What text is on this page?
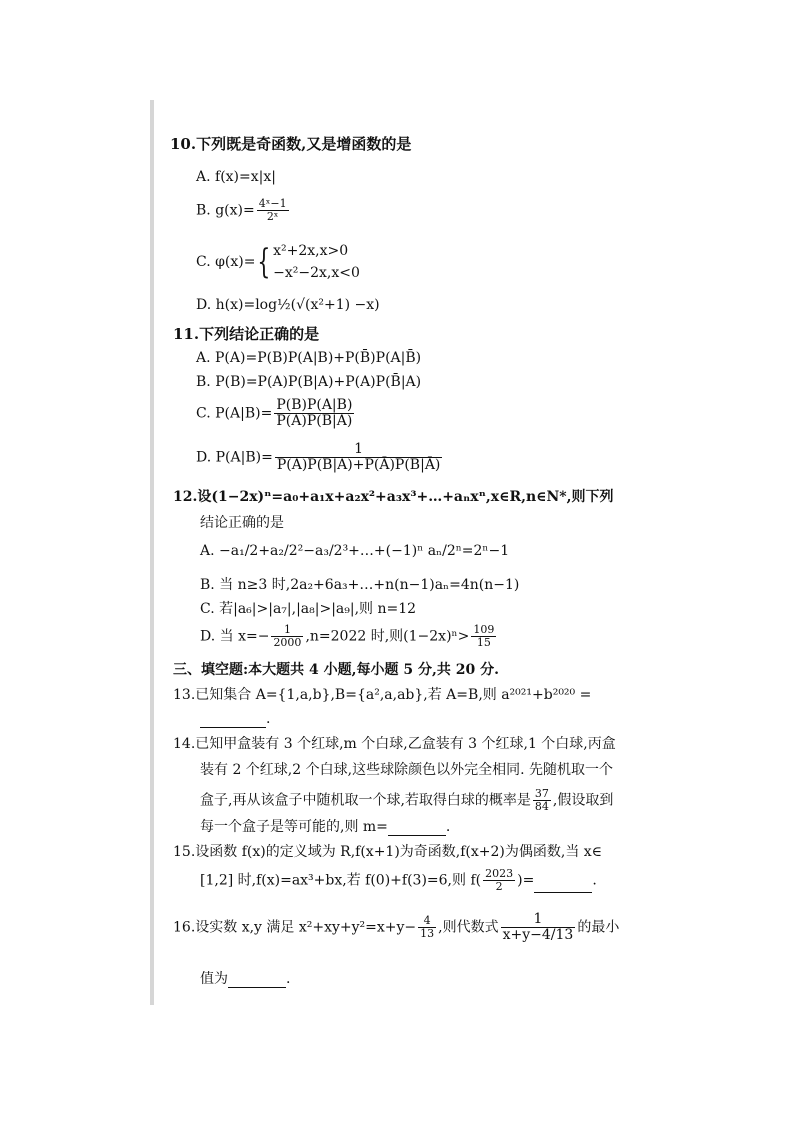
10.下列既是奇函数,又是增函数的是
A. f(x)=x|x|
B. $g(x)= \frac{\text{4ˣ−1}}{\text{2ˣ}}$
C. φ(x)={ x²+2x,x>0
−x²−2x,x<0
D. h(x)=log½(√(x²+1) −x)
11.下列结论正确的是
A. P(A)=P(B)P(A|B)+P(B̄)P(A|B̄)
B. P(B)=P(A)P(B|A)+P(A)P(B̄|A)
C. $P(A|B)= \frac{P(B)P(A|B)}{P(A)P(B|A)}$
D. $P(A|B)= \frac{1}{P(A)P(B|A)+P(Ā)P(B|Ā)}$
12.设(1−2x)ⁿ=a₀+a₁x+a₂x²+a₃x³+…+aₙxⁿ,x∈R,n∈N*,则下列
结论正确的是
A. −a₁/2+a₂/2²−a₃/2³+…+(−1)ⁿ aₙ/2ⁿ=2ⁿ−1
B. 当 n≥3 时,2a₂+6a₃+…+n(n−1)aₙ=4n(n−1)
C. 若|a₆|>|a₇|,|a₈|>|a₉|,则 n=12
D. 当 $x=- \frac{1}{2000} ,n=2022$ 时,则$(1-2x)^n> \frac{109}{15}$
三、填空题:本大题共 4 小题,每小题 5 分,共 20 分.
13.已知集合 A={1,a,b},B={a²,a,ab},若 A=B,则 a²⁰²¹+b²⁰²⁰ =
.
14.已知甲盒装有 3 个红球,m 个白球,乙盒装有 3 个红球,1 个白球,丙盒
装有 2 个红球,2 个白球,这些球除颜色以外完全相同. 先随机取一个
盒子,再从该盒子中随机取一个球,若取得白球的概率是 $\frac{37}{84}$ ,假设取到
每一个盒子是等可能的,则 m=	.
15.设函数 f(x)的定义域为 R,f(x+1)为奇函数,f(x+2)为偶函数,当 x∈
[1,2] 时,f(x)=ax³+bx,若 f(0)+f(3)=6,则 $f( \frac{2023}{2}$ )=	.
16.设实数 x,y 满足 $x^2+xy+y^2=x+y- \frac{4}{13}$ ,则代数式 $\frac{1}{x+y-4/13}$ 的最小
值为	.
